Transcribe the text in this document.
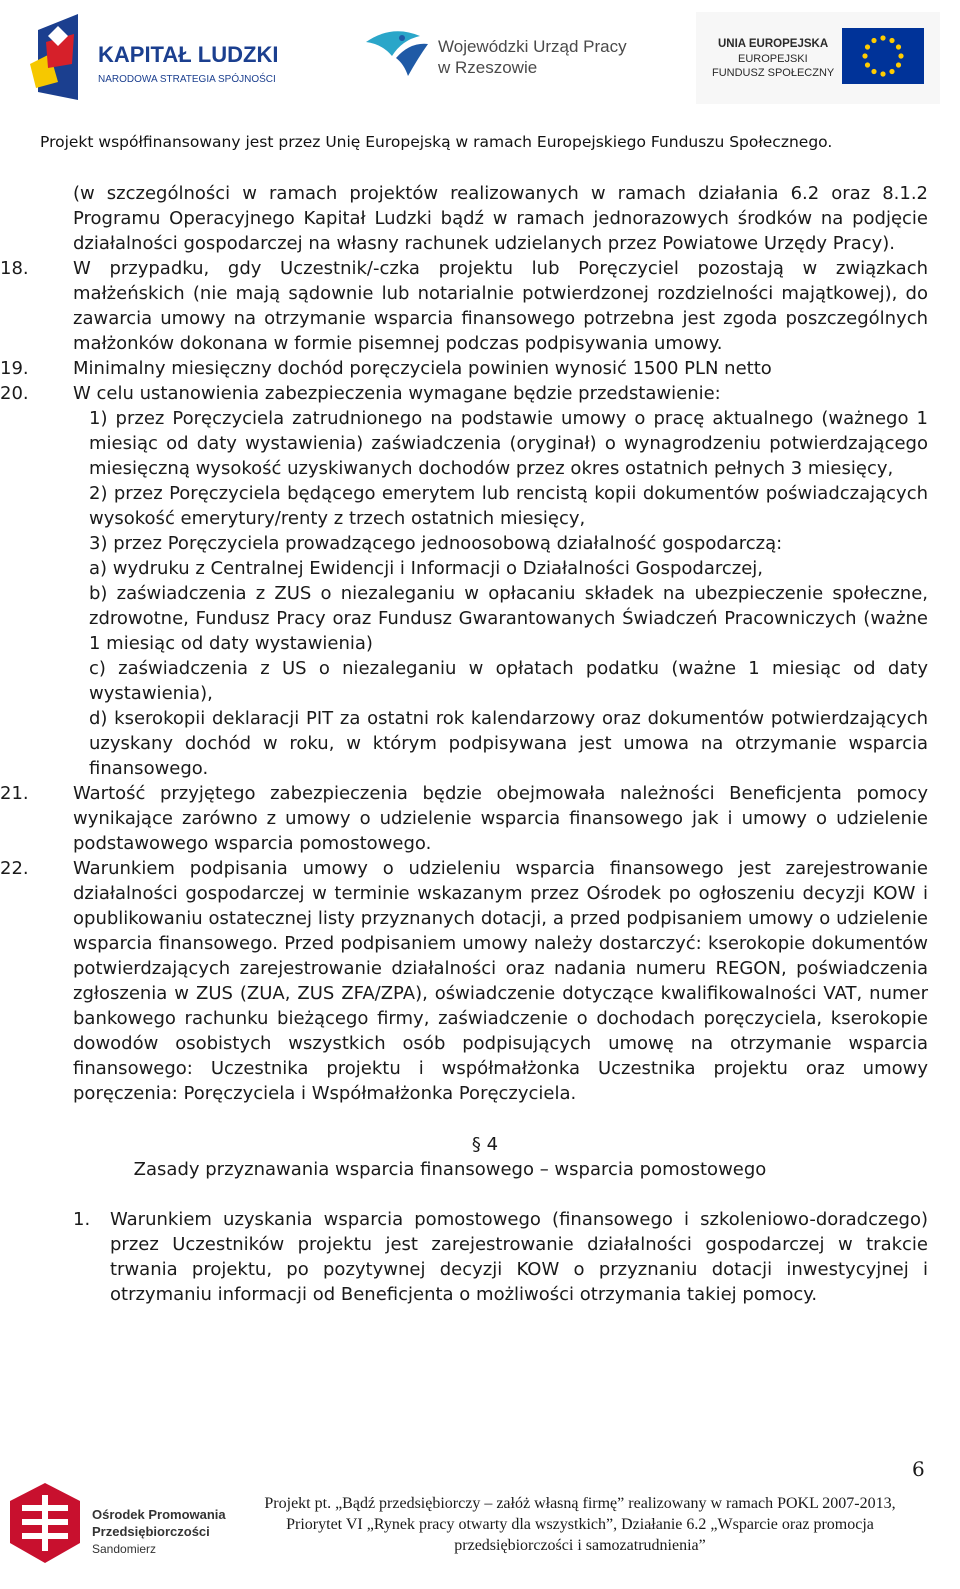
KAPITAŁ LUDZKI
NARODOWA STRATEGIA SPÓJNOŚCI
Wojewódzki Urząd Pracy
w Rzeszowie
UNIA EUROPEJSKA
EUROPEJSKI
FUNDUSZ SPOŁECZNY
Projekt współfinansowany jest przez Unię Europejską w ramach Europejskiego Funduszu Społecznego.
(w szczególności w ramach projektów realizowanych w ramach działania 6.2 oraz 8.1.2 Programu Operacyjnego Kapitał Ludzki bądź w ramach jednorazowych środków na podjęcie działalności gospodarczej na własny rachunek udzielanych przez Powiatowe Urzędy Pracy).
18. W przypadku, gdy Uczestnik/-czka projektu lub Poręczyciel pozostają w związkach małżeńskich (nie mają sądownie lub notarialnie potwierdzonej rozdzielności majątkowej), do zawarcia umowy na otrzymanie wsparcia finansowego potrzebna jest zgoda poszczególnych małżonków dokonana w formie pisemnej podczas podpisywania umowy.
19. Minimalny miesięczny dochód poręczyciela powinien wynosić 1500 PLN netto
20. W celu ustanowienia zabezpieczenia wymagane będzie przedstawienie:
1) przez Poręczyciela zatrudnionego na podstawie umowy o pracę aktualnego (ważnego 1 miesiąc od daty wystawienia) zaświadczenia (oryginał) o wynagrodzeniu potwierdzającego miesięczną wysokość uzyskiwanych dochodów przez okres ostatnich pełnych 3 miesięcy,
2) przez Poręczyciela będącego emerytem lub rencistą kopii dokumentów poświadczających wysokość emerytury/renty z trzech ostatnich miesięcy,
3) przez Poręczyciela prowadzącego jednoosobową działalność gospodarczą:
a) wydruku z Centralnej Ewidencji i Informacji o Działalności Gospodarczej,
b) zaświadczenia z ZUS o niezaleganiu w opłacaniu składek na ubezpieczenie społeczne, zdrowotne, Fundusz Pracy oraz Fundusz Gwarantowanych Świadczeń Pracowniczych (ważne 1 miesiąc od daty wystawienia)
c) zaświadczenia z US o niezaleganiu w opłatach podatku (ważne 1 miesiąc od daty wystawienia),
d) kserokopii deklaracji PIT za ostatni rok kalendarzowy oraz dokumentów potwierdzających uzyskany dochód w roku, w którym podpisywana jest umowa na otrzymanie wsparcia finansowego.
21. Wartość przyjętego zabezpieczenia będzie obejmowała należności Beneficjenta pomocy wynikające zarówno z umowy o udzielenie wsparcia finansowego jak i umowy o udzielenie podstawowego wsparcia pomostowego.
22. Warunkiem podpisania umowy o udzieleniu wsparcia finansowego jest zarejestrowanie działalności gospodarczej w terminie wskazanym przez Ośrodek po ogłoszeniu decyzji KOW i opublikowaniu ostatecznej listy przyznanych dotacji, a przed podpisaniem umowy o udzielenie wsparcia finansowego. Przed podpisaniem umowy należy dostarczyć: kserokopie dokumentów potwierdzających zarejestrowanie działalności oraz nadania numeru REGON, poświadczenia zgłoszenia w ZUS (ZUA, ZUS ZFA/ZPA), oświadczenie dotyczące kwalifikowalności VAT, numer bankowego rachunku bieżącego firmy, zaświadczenie o dochodach poręczyciela, kserokopie dowodów osobistych wszystkich osób podpisujących umowę na otrzymanie wsparcia finansowego: Uczestnika projektu i współmałżonka Uczestnika projektu oraz umowy poręczenia: Poręczyciela i Współmałżonka Poręczyciela.
§ 4
Zasady przyznawania wsparcia finansowego – wsparcia pomostowego
1. Warunkiem uzyskania wsparcia pomostowego (finansowego i szkoleniowo-doradczego) przez Uczestników projektu jest zarejestrowanie działalności gospodarczej w trakcie trwania projektu, po pozytywnej decyzji KOW o przyznaniu dotacji inwestycyjnej i otrzymaniu informacji od Beneficjenta o możliwości otrzymania takiej pomocy.
6
Ośrodek Promowania
Przedsiębiorczości
Sandomierz
Projekt pt. „Bądź przedsiębiorczy – załóż własną firmę” realizowany w ramach POKL 2007-2013, Priorytet VI „Rynek pracy otwarty dla wszystkich”, Działanie 6.2 „Wsparcie oraz promocja przedsiębiorczości i samozatrudnienia”
